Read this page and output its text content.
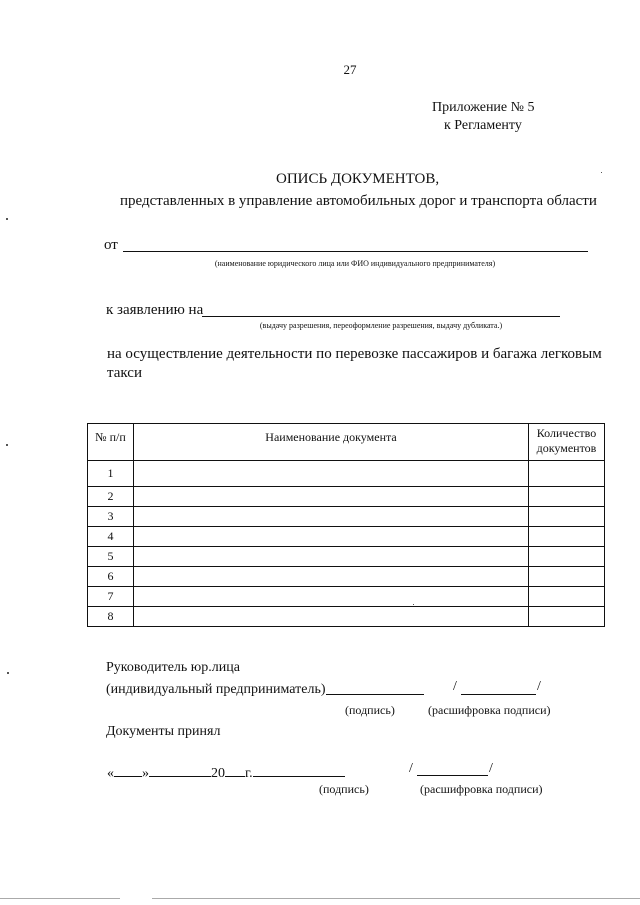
27
Приложение № 5
к Регламенту
ОПИСЬ ДОКУМЕНТОВ,
представленных в управление автомобильных дорог и транспорта области
от
(наименование юридического лица или ФИО индивидуального предпринимателя)
к заявлению на
(выдачу разрешения, переоформление разрешения, выдачу дубликата.)
на осуществление деятельности по перевозке пассажиров и багажа легковым такси
№ п/п	Наименование документа	Количество
документов

1		
2		
3		
4		
5		
6		
7		
8		
Руководитель юр.лица
(индивидуальный предприниматель)	/	/
(подпись)	(расшифровка подписи)
Документы принял
« »	20 г.	/	/
(подпись)	(расшифровка подписи)
